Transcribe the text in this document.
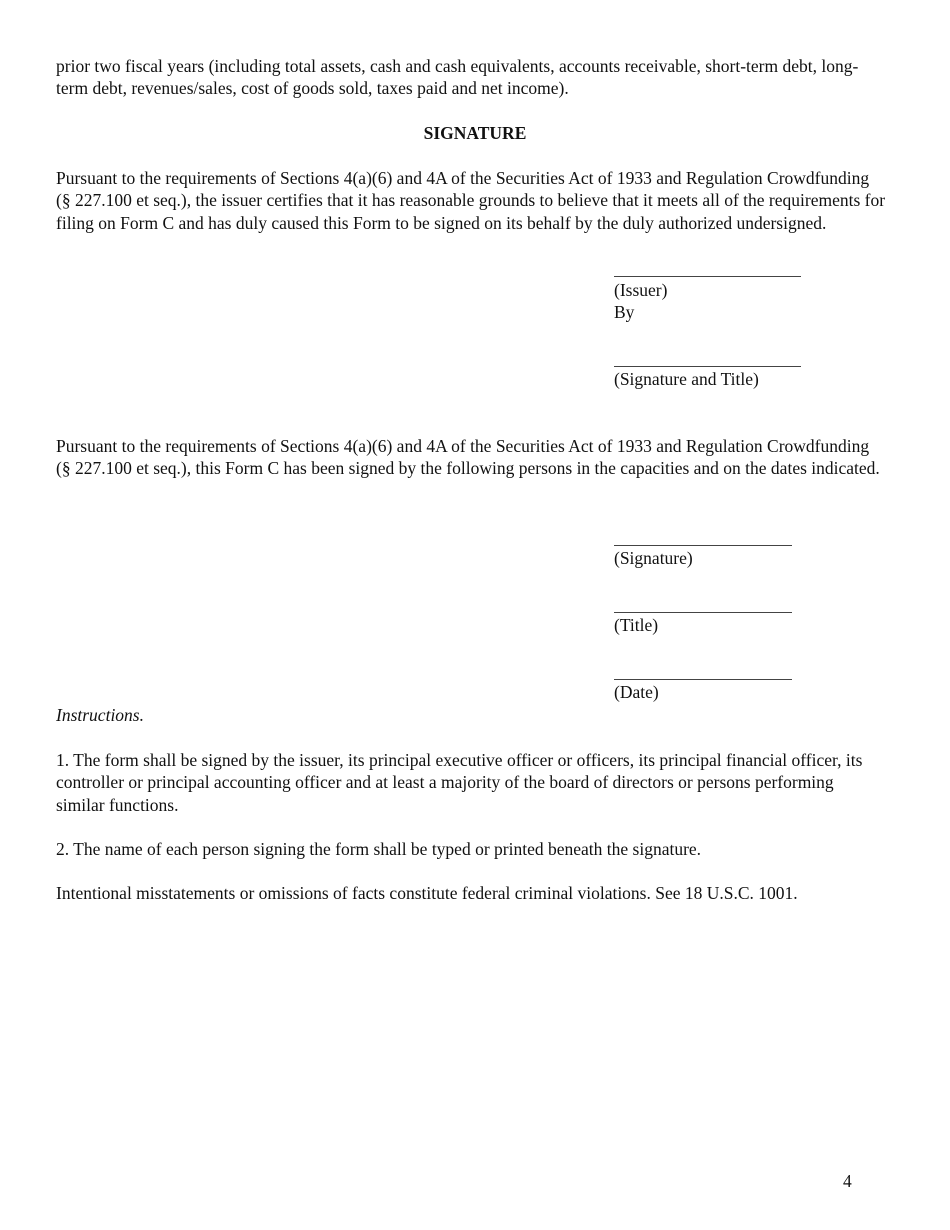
prior two fiscal years (including total assets, cash and cash equivalents, accounts receivable, short-term debt, long-term debt, revenues/sales, cost of goods sold, taxes paid and net income).

SIGNATURE

Pursuant to the requirements of Sections 4(a)(6) and 4A of the Securities Act of 1933 and Regulation Crowdfunding (§ 227.100 et seq.), the issuer certifies that it has reasonable grounds to believe that it meets all of the requirements for filing on Form C and has duly caused this Form to be signed on its behalf by the duly authorized undersigned.

(Issuer)

By

(Signature and Title)

Pursuant to the requirements of Sections 4(a)(6) and 4A of the Securities Act of 1933 and Regulation Crowdfunding (§ 227.100 et seq.), this Form C has been signed by the following persons in the capacities and on the dates indicated.

(Signature)

(Title)

(Date)

Instructions.

1. The form shall be signed by the issuer, its principal executive officer or officers, its principal financial officer, its controller or principal accounting officer and at least a majority of the board of directors or persons performing similar functions.

2. The name of each person signing the form shall be typed or printed beneath the signature.

Intentional misstatements or omissions of facts constitute federal criminal violations. See 18 U.S.C. 1001.

4
